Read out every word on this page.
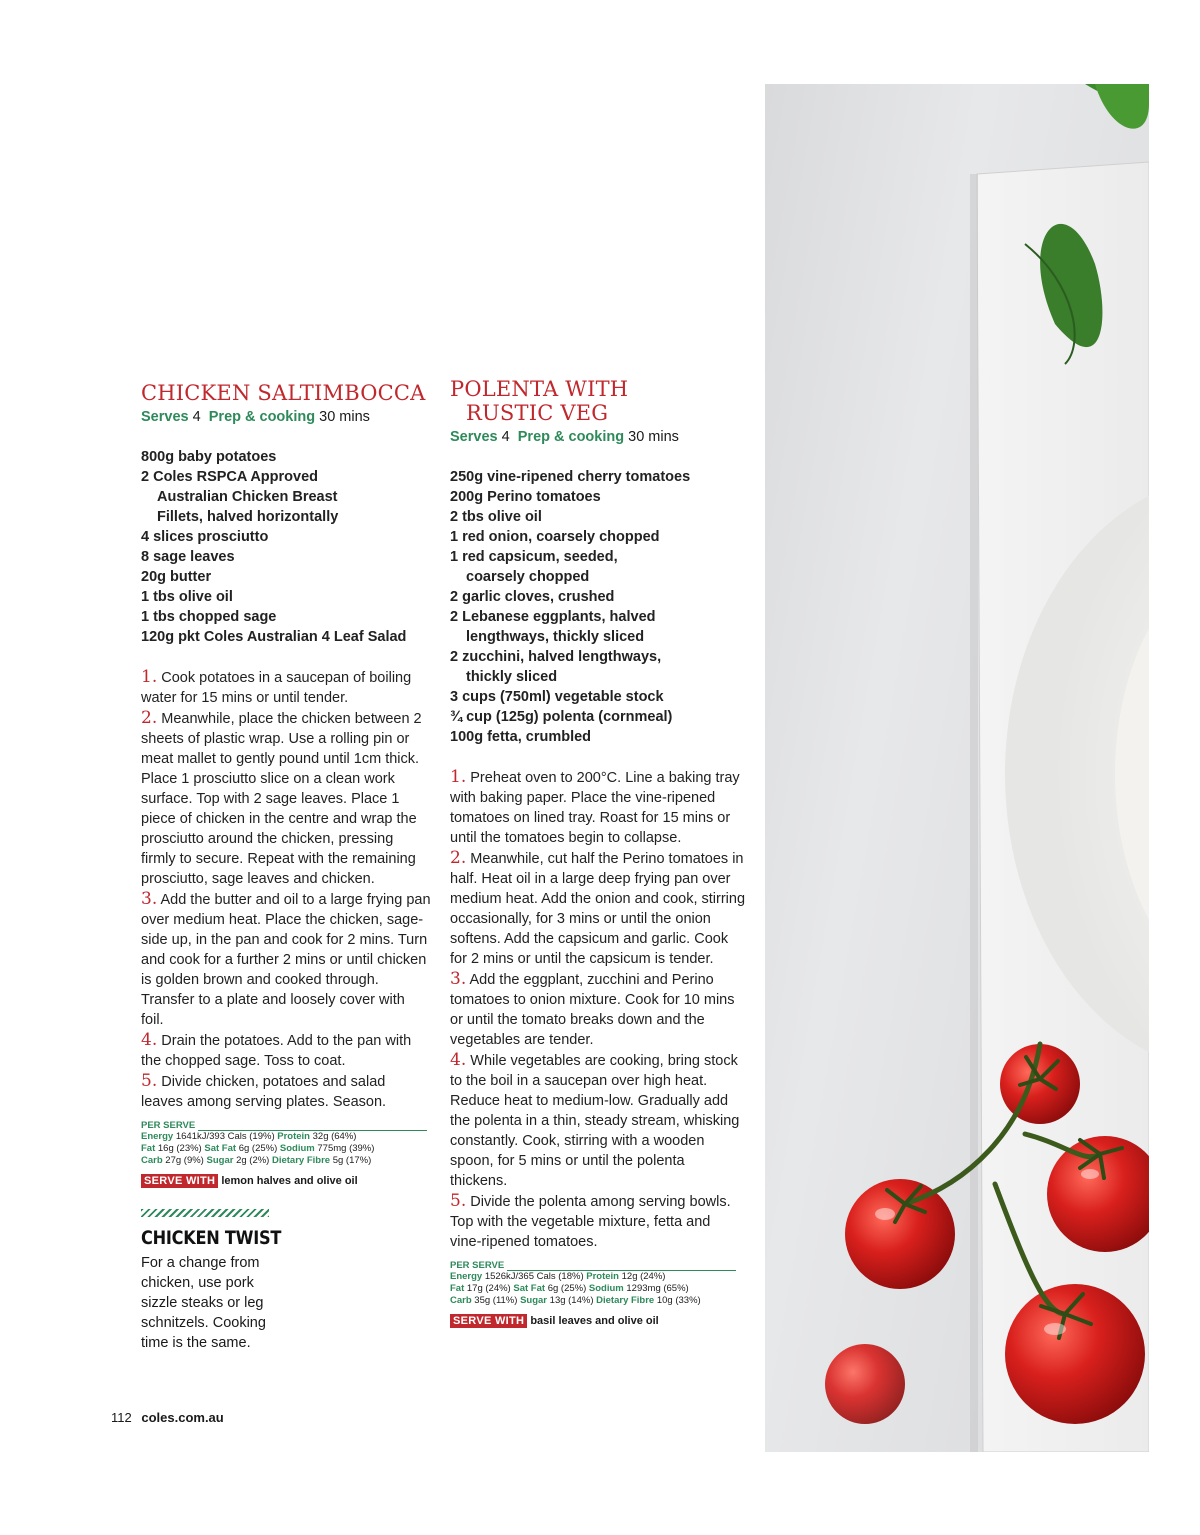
CHICKEN SALTIMBOCCA
Serves 4 Prep & cooking 30 mins
800g baby potatoes
2 Coles RSPCA Approved
Australian Chicken Breast
Fillets, halved horizontally
4 slices prosciutto
8 sage leaves
20g butter
1 tbs olive oil
1 tbs chopped sage
120g pkt Coles Australian 4 Leaf Salad

1. Cook potatoes in a saucepan of boiling water for 15 mins or until tender.

2. Meanwhile, place the chicken between 2 sheets of plastic wrap. Use a rolling pin or meat mallet to gently pound until 1cm thick. Place 1 prosciutto slice on a clean work surface. Top with 2 sage leaves. Place 1 piece of chicken in the centre and wrap the prosciutto around the chicken, pressing firmly to secure. Repeat with the remaining prosciutto, sage leaves and chicken.

3. Add the butter and oil to a large frying pan over medium heat. Place the chicken, sage-side up, in the pan and cook for 2 mins. Turn and cook for a further 2 mins or until chicken is golden brown and cooked through. Transfer to a plate and loosely cover with foil.

4. Drain the potatoes. Add to the pan with the chopped sage. Toss to coat.

5. Divide chicken, potatoes and salad leaves among serving plates. Season.

PER SERVE
Energy 1641kJ/393 Cals (19%) Protein 32g (64%)
Fat 16g (23%) Sat Fat 6g (25%) Sodium 775mg (39%)
Carb 27g (9%) Sugar 2g (2%) Dietary Fibre 5g (17%)
SERVE WITH lemon halves and olive oil
CHICKEN TWIST
For a change from chicken, use pork sizzle steaks or leg schnitzels. Cooking time is the same.
POLENTA WITH
RUSTIC VEG
Serves 4 Prep & cooking 30 mins
250g vine-ripened cherry tomatoes
200g Perino tomatoes
2 tbs olive oil
1 red onion, coarsely chopped
1 red capsicum, seeded,
coarsely chopped
2 garlic cloves, crushed
2 Lebanese eggplants, halved
lengthways, thickly sliced
2 zucchini, halved lengthways,
thickly sliced
3 cups (750ml) vegetable stock
¾ cup (125g) polenta (cornmeal)
100g fetta, crumbled

1. Preheat oven to 200°C. Line a baking tray with baking paper. Place the vine-ripened tomatoes on lined tray. Roast for 15 mins or until the tomatoes begin to collapse.

2. Meanwhile, cut half the Perino tomatoes in half. Heat oil in a large deep frying pan over medium heat. Add the onion and cook, stirring occasionally, for 3 mins or until the onion softens. Add the capsicum and garlic. Cook for 2 mins or until the capsicum is tender.

3. Add the eggplant, zucchini and Perino tomatoes to onion mixture. Cook for 10 mins or until the tomato breaks down and the vegetables are tender.

4. While vegetables are cooking, bring stock to the boil in a saucepan over high heat. Reduce heat to medium-low. Gradually add the polenta in a thin, steady stream, whisking constantly. Cook, stirring with a wooden spoon, for 5 mins or until the polenta thickens.

5. Divide the polenta among serving bowls. Top with the vegetable mixture, fetta and vine-ripened tomatoes.

PER SERVE
Energy 1526kJ/365 Cals (18%) Protein 12g (24%)
Fat 17g (24%) Sat Fat 6g (25%) Sodium 1293mg (65%)
Carb 35g (11%) Sugar 13g (14%) Dietary Fibre 10g (33%)
SERVE WITH basil leaves and olive oil
112 coles.com.au
